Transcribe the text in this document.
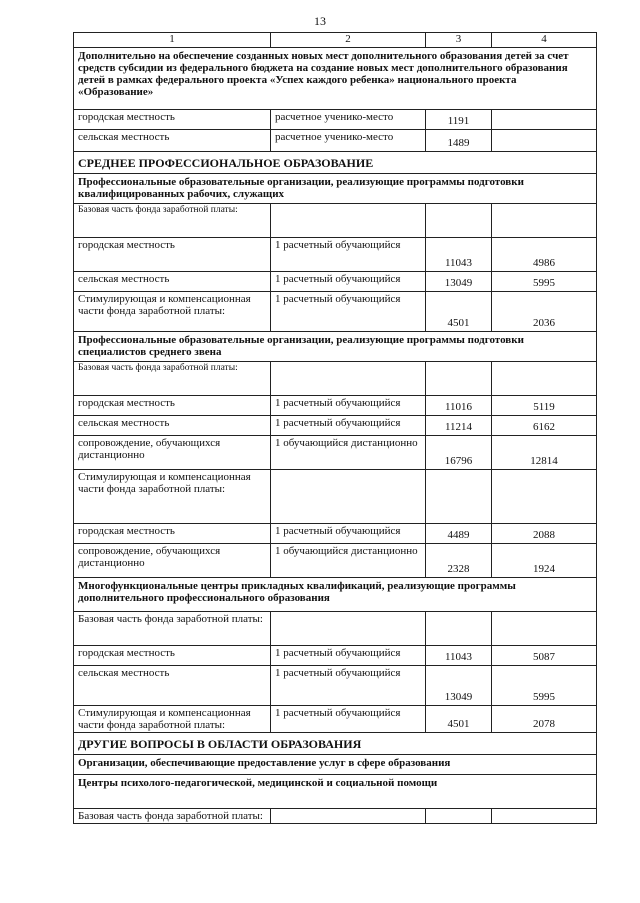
13
1	2	3	4
Дополнительно на обеспечение созданных новых мест дополнительного образования детей за счет средств субсидии из федерального бюджета на создание новых мест дополнительного образования детей в рамках федерального проекта «Успех каждого ребенка» национального проекта «Образование»			
городская местность	расчетное ученико-место	1191	
сельская местность	расчетное ученико-место	1489	
СРЕДНЕЕ ПРОФЕССИОНАЛЬНОЕ ОБРАЗОВАНИЕ			
Профессиональные образовательные организации, реализующие программы подготовки квалифицированных рабочих, служащих			
Базовая часть фонда заработной платы:			
городская местность	1 расчетный обучающийся	11043	4986
сельская местность	1 расчетный обучающийся	13049	5995
Стимулирующая и компенсационная части фонда заработной платы:	1 расчетный обучающийся	4501	2036
Профессиональные образовательные организации, реализующие программы подготовки специалистов среднего звена			
Базовая часть фонда заработной платы:			
городская местность	1 расчетный обучающийся	11016	5119
сельская местность	1 расчетный обучающийся	11214	6162
сопровождение, обучающихся дистанционно	1 обучающийся дистанционно	16796	12814
Стимулирующая и компенсационная части фонда заработной платы:			
городская местность	1 расчетный обучающийся	4489	2088
сопровождение, обучающихся дистанционно	1 обучающийся дистанционно	2328	1924
Многофункциональные центры прикладных квалификаций, реализующие программы дополнительного профессионального образования			
Базовая часть фонда заработной платы:			
городская местность	1 расчетный обучающийся	11043	5087
сельская местность	1 расчетный обучающийся	13049	5995
Стимулирующая и компенсационная части фонда заработной платы:	1 расчетный обучающийся	4501	2078
ДРУГИЕ ВОПРОСЫ В ОБЛАСТИ ОБРАЗОВАНИЯ			
Организации, обеспечивающие предоставление услуг в сфере образования			
Центры психолого-педагогической, медицинской и социальной помощи			
Базовая часть фонда заработной платы:			
